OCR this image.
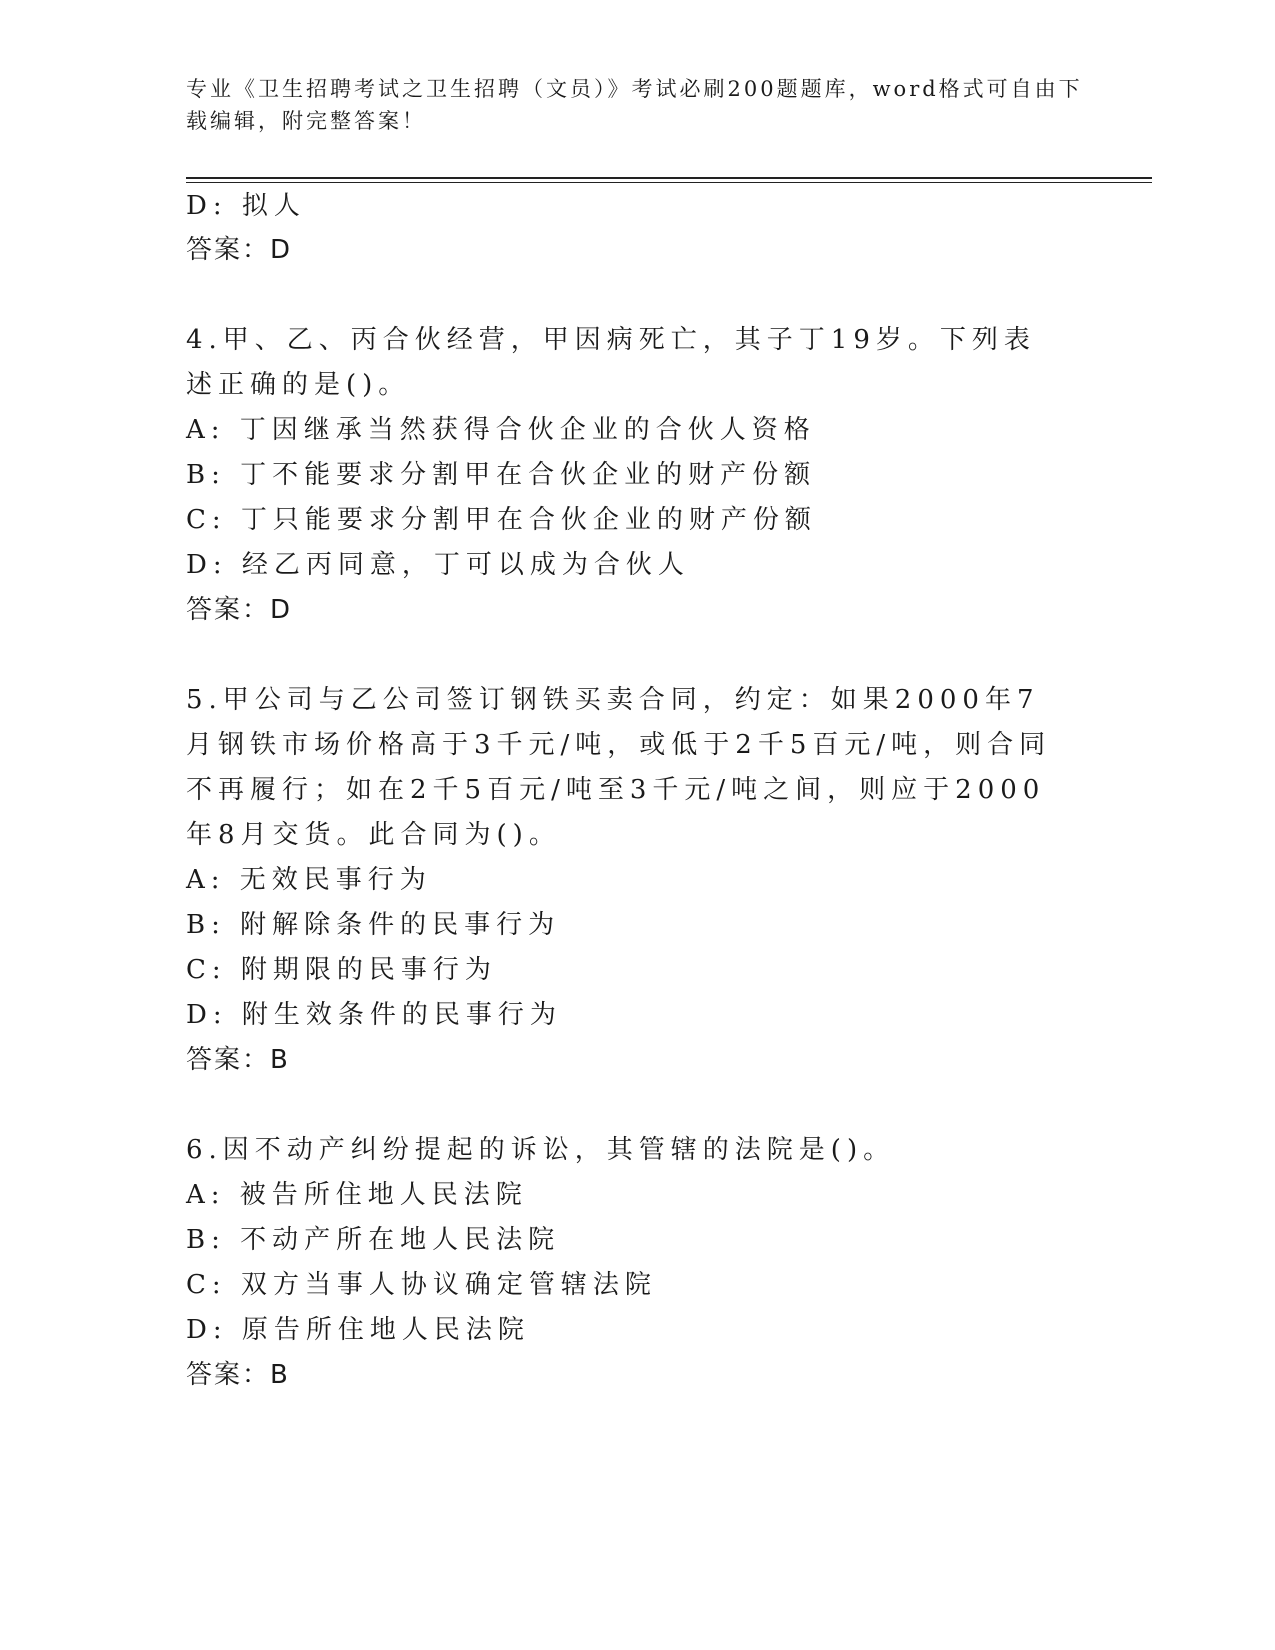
专业《卫生招聘考试之卫生招聘（文员）》考试必刷200题题库，word格式可自由下载编辑，附完整答案！
D: 拟人
答案：D
4.甲、乙、丙合伙经营，甲因病死亡，其子丁19岁。下列表述正确的是()。
A: 丁因继承当然获得合伙企业的合伙人资格
B: 丁不能要求分割甲在合伙企业的财产份额
C: 丁只能要求分割甲在合伙企业的财产份额
D: 经乙丙同意，丁可以成为合伙人
答案：D
5.甲公司与乙公司签订钢铁买卖合同，约定：如果2000年7月钢铁市场价格高于3千元/吨，或低于2千5百元/吨，则合同不再履行；如在2千5百元/吨至3千元/吨之间，则应于2000年8月交货。此合同为()。
A: 无效民事行为
B: 附解除条件的民事行为
C: 附期限的民事行为
D: 附生效条件的民事行为
答案：B
6.因不动产纠纷提起的诉讼，其管辖的法院是()。
A: 被告所住地人民法院
B: 不动产所在地人民法院
C: 双方当事人协议确定管辖法院
D: 原告所住地人民法院
答案：B
